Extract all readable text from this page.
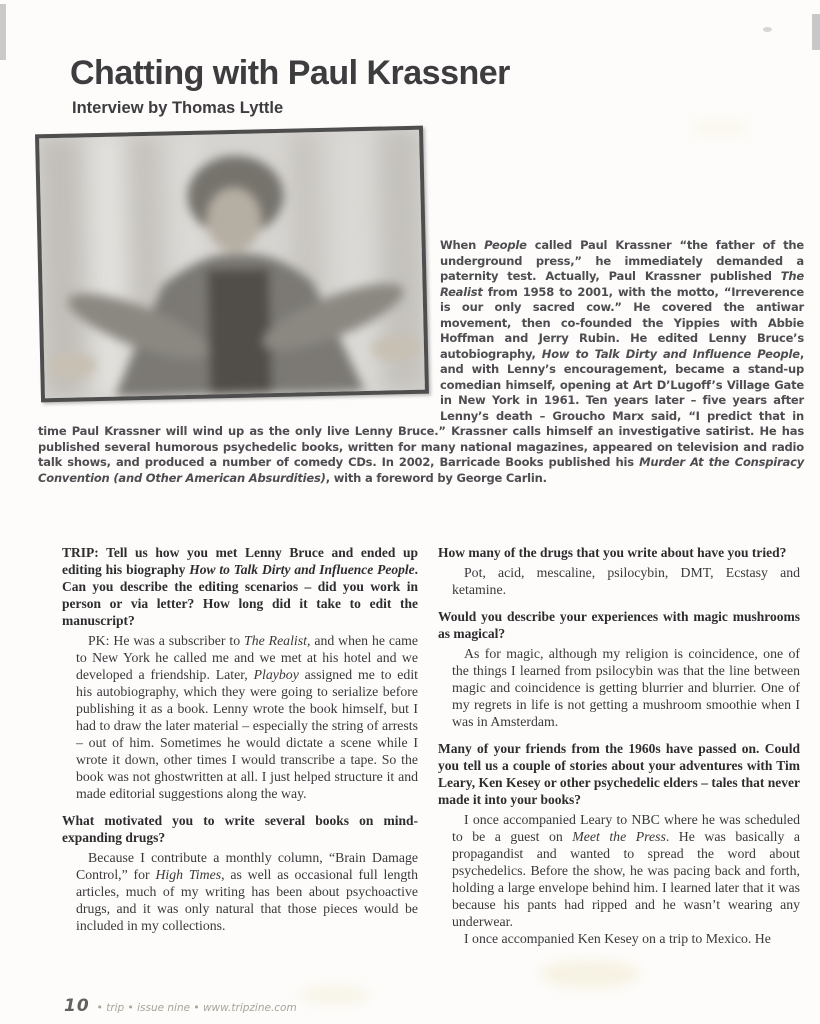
Chatting with Paul Krassner
Interview by Thomas Lyttle

When People called Paul Krassner “the father of the underground press,” he immediately demanded a paternity test. Actually, Paul Krassner published The Realist from 1958 to 2001, with the motto, “Irreverence is our only sacred cow.” He covered the antiwar movement, then co-founded the Yippies with Abbie Hoffman and Jerry Rubin. He edited Lenny Bruce’s autobiography, How to Talk Dirty and Influence People, and with Lenny’s encouragement, became a stand-up comedian himself, opening at Art D’Lugoff’s Village Gate in New York in 1961. Ten years later – five years after Lenny’s death – Groucho Marx said, “I predict that in time Paul Krassner will wind up as the only live Lenny Bruce.” Krassner calls himself an investigative satirist. He has published several humorous psychedelic books, written for many national magazines, appeared on television and radio talk shows, and produced a number of comedy CDs. In 2002, Barricade Books published his Murder At the Conspiracy Convention (and Other American Absurdities), with a foreword by George Carlin.

TRIP: Tell us how you met Lenny Bruce and ended up editing his biography How to Talk Dirty and Influence People. Can you describe the editing scenarios – did you work in person or via letter? How long did it take to edit the manuscript?

PK: He was a subscriber to The Realist, and when he came to New York he called me and we met at his hotel and we developed a friendship. Later, Playboy assigned me to edit his autobiography, which they were going to serialize before publishing it as a book. Lenny wrote the book himself, but I had to draw the later material – especially the string of arrests – out of him. Sometimes he would dictate a scene while I wrote it down, other times I would transcribe a tape. So the book was not ghostwritten at all. I just helped structure it and made editorial suggestions along the way.

What motivated you to write several books on mind-expanding drugs?

Because I contribute a monthly column, “Brain Damage Control,” for High Times, as well as occasional full length articles, much of my writing has been about psychoactive drugs, and it was only natural that those pieces would be included in my collections.

How many of the drugs that you write about have you tried?

Pot, acid, mescaline, psilocybin, DMT, Ecstasy and ketamine.

Would you describe your experiences with magic mushrooms as magical?

As for magic, although my religion is coincidence, one of the things I learned from psilocybin was that the line between magic and coincidence is getting blurrier and blurrier. One of my regrets in life is not getting a mushroom smoothie when I was in Amsterdam.

Many of your friends from the 1960s have passed on. Could you tell us a couple of stories about your adventures with Tim Leary, Ken Kesey or other psychedelic elders – tales that never made it into your books?

I once accompanied Leary to NBC where he was scheduled to be a guest on Meet the Press. He was basically a propagandist and wanted to spread the word about psychedelics. Before the show, he was pacing back and forth, holding a large envelope behind him. I learned later that it was because his pants had ripped and he wasn’t wearing any underwear.

I once accompanied Ken Kesey on a trip to Mexico. He

10 • trip • issue nine • www.tripzine.com
